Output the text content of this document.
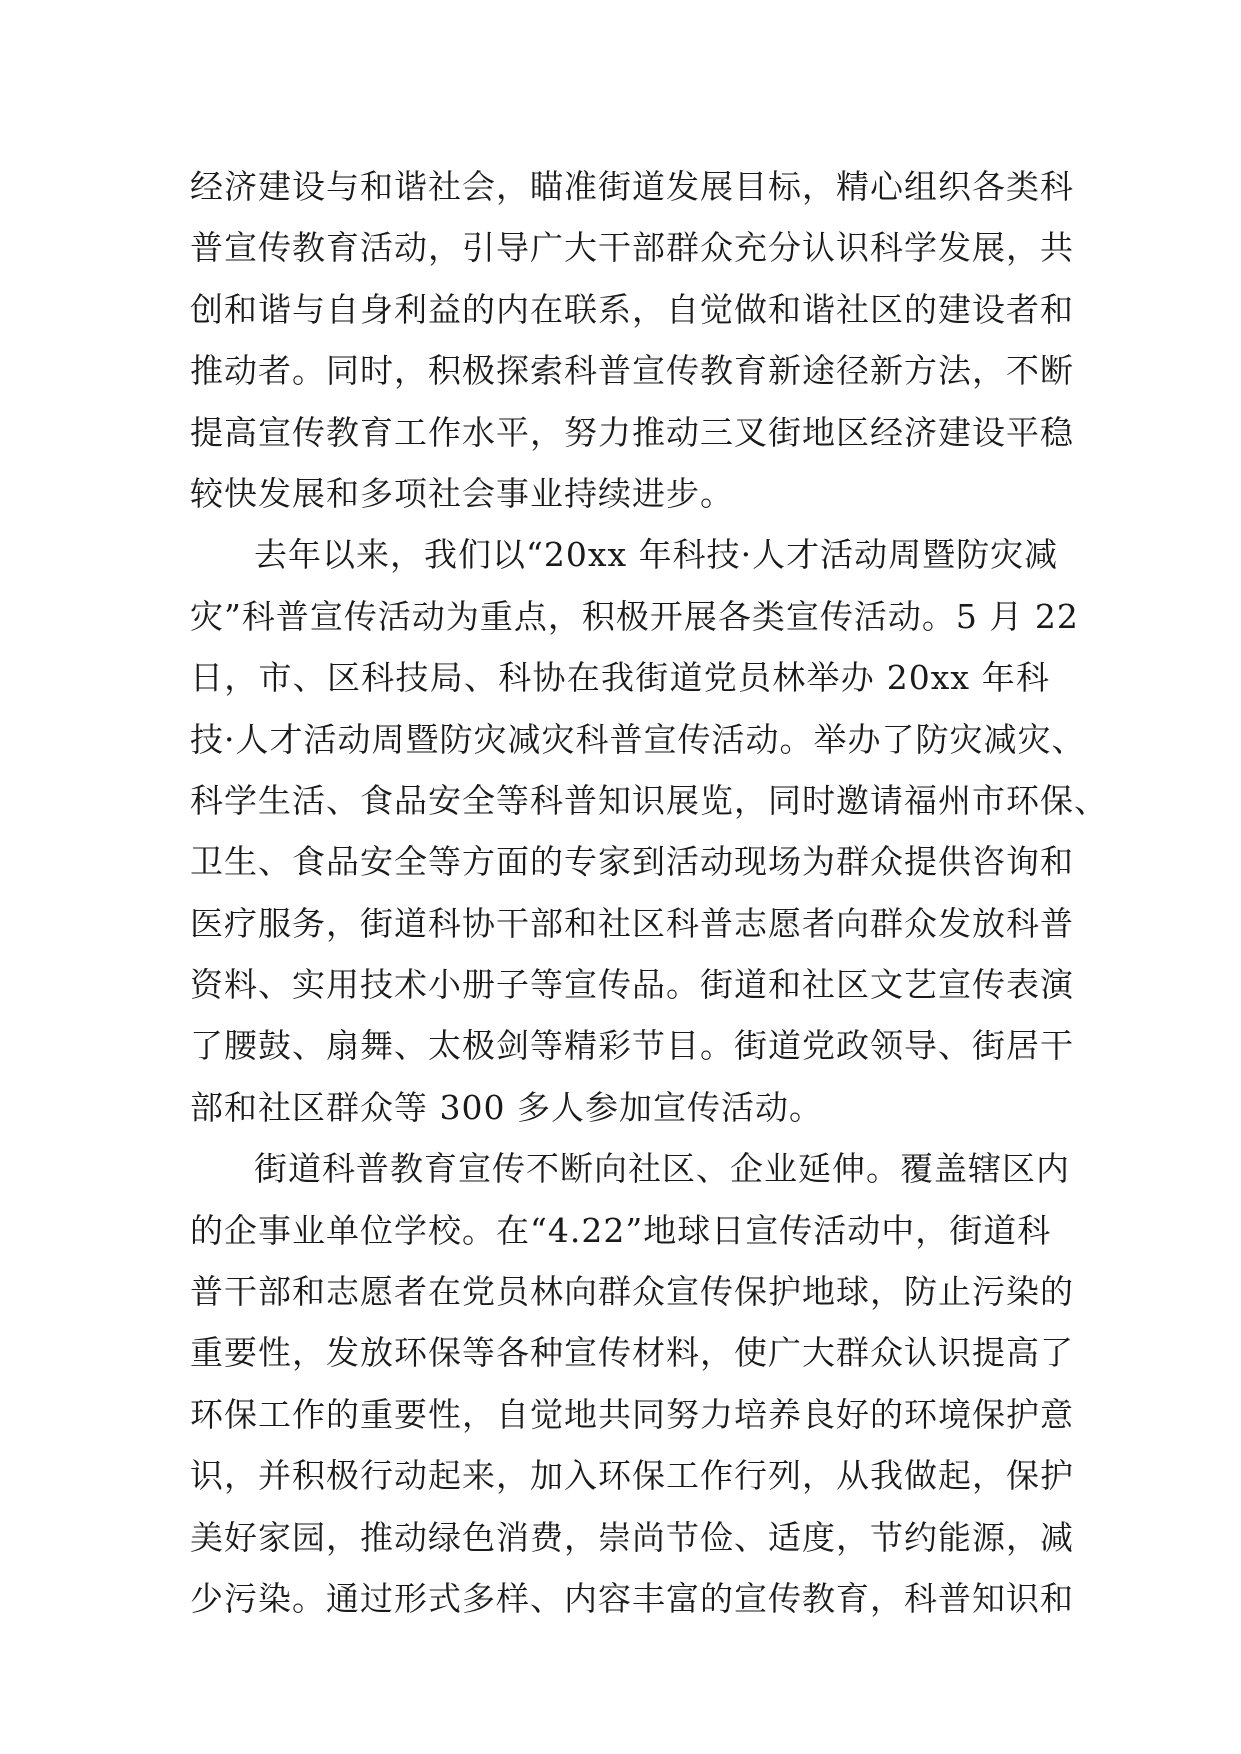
经济建设与和谐社会，瞄准街道发展目标，精心组织各类科
普宣传教育活动，引导广大干部群众充分认识科学发展，共
创和谐与自身利益的内在联系，自觉做和谐社区的建设者和
推动者。同时，积极探索科普宣传教育新途径新方法，不断
提高宣传教育工作水平，努力推动三叉街地区经济建设平稳
较快发展和多项社会事业持续进步。
去年以来，我们以“20xx 年科技·人才活动周暨防灾减
灾”科普宣传活动为重点，积极开展各类宣传活动。5 月 22
日，市、区科技局、科协在我街道党员林举办 20xx 年科
技·人才活动周暨防灾减灾科普宣传活动。举办了防灾减灾、
科学生活、食品安全等科普知识展览，同时邀请福州市环保、
卫生、食品安全等方面的专家到活动现场为群众提供咨询和
医疗服务，街道科协干部和社区科普志愿者向群众发放科普
资料、实用技术小册子等宣传品。街道和社区文艺宣传表演
了腰鼓、扇舞、太极剑等精彩节目。街道党政领导、街居干
部和社区群众等 300 多人参加宣传活动。
街道科普教育宣传不断向社区、企业延伸。覆盖辖区内
的企事业单位学校。在“4.22”地球日宣传活动中，街道科
普干部和志愿者在党员林向群众宣传保护地球，防止污染的
重要性，发放环保等各种宣传材料，使广大群众认识提高了
环保工作的重要性，自觉地共同努力培养良好的环境保护意
识，并积极行动起来，加入环保工作行列，从我做起，保护
美好家园，推动绿色消费，崇尚节俭、适度，节约能源，减
少污染。通过形式多样、内容丰富的宣传教育，科普知识和
